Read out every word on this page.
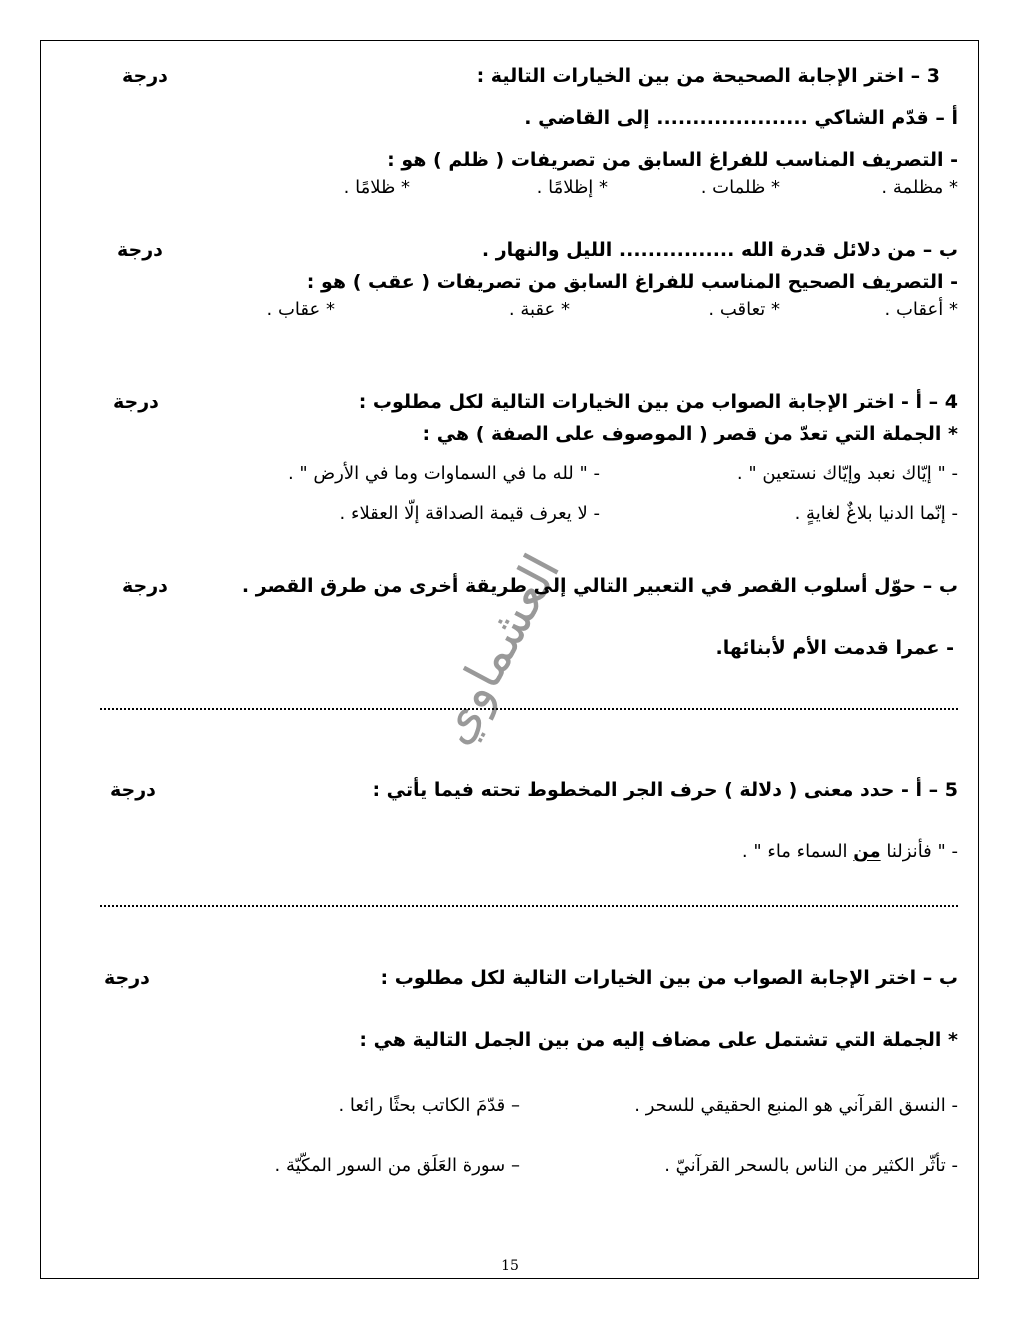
العشماوي
3 – اختر الإجابة الصحيحة من بين الخيارات التالية :
درجة
أ – قدّم الشاكي ..................... إلى القاضي .
- التصريف المناسب للفراغ السابق من تصريفات ( ظلم ) هو :
* مظلمة .
* ظلمات .
* إظلامًا .
* ظلامًا .
ب – من دلائل قدرة الله ................ الليل والنهار .
درجة
- التصريف الصحيح المناسب للفراغ السابق من تصريفات ( عقب ) هو :
* أعقاب .
* تعاقب .
* عقبة .
* عقاب .
4 – أ - اختر الإجابة الصواب من بين الخيارات التالية لكل مطلوب :
درجة
* الجملة التي تعدّ من قصر ( الموصوف على الصفة ) هي :
- " إيّاك نعبد وإيّاك نستعين " .
- " لله ما في السماوات وما في الأرض " .
- إنّما الدنيا بلاغٌ لغايةٍ .
- لا يعرف قيمة الصداقة إلّا العقلاء .
ب – حوّل أسلوب القصر في التعبير التالي إلى طريقة أخرى من طرق القصر .
درجة
- عمرا قدمت الأم لأبنائها.
5 – أ - حدد معنى ( دلالة ) حرف الجر المخطوط تحته فيما يأتي :
درجة
- " فأنزلنا من السماء ماء " .
ب – اختر الإجابة الصواب من بين الخيارات التالية لكل مطلوب :
درجة
* الجملة التي تشتمل على مضاف إليه من بين الجمل التالية هي :
- النسق القرآني هو المنبع الحقيقي للسحر .
– قدّمَ الكاتب بحثًا رائعا .
- تأثّر الكثير من الناس بالسحر القرآنيّ .
– سورة العَلَق من السور المكّيّة .
15
